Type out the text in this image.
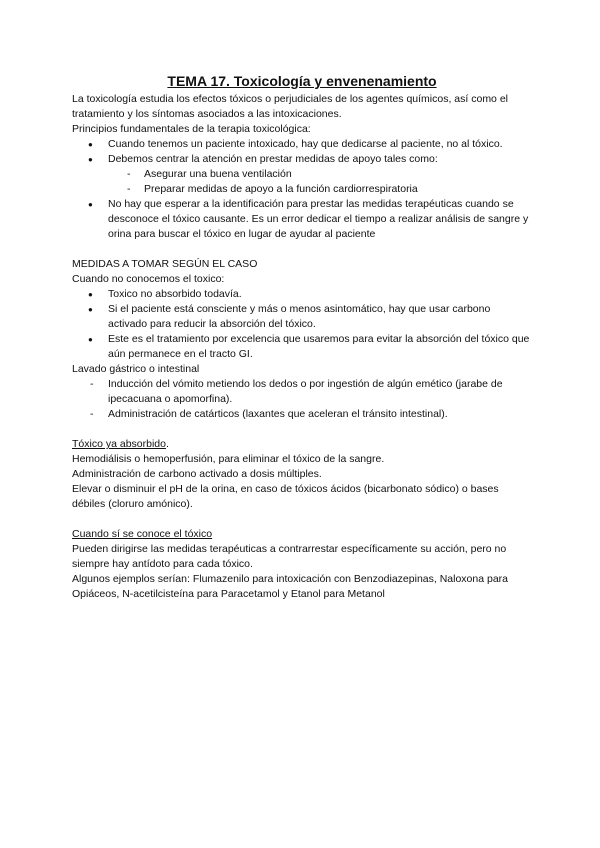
TEMA 17. Toxicología y envenenamiento

La toxicología estudia los efectos tóxicos o perjudiciales de los agentes químicos, así como el tratamiento y los síntomas asociados a las intoxicaciones.

Principios fundamentales de la terapia toxicológica:

● Cuando tenemos un paciente intoxicado, hay que dedicarse al paciente, no al tóxico.
● Debemos centrar la atención en prestar medidas de apoyo tales como:
- Asegurar una buena ventilación
- Preparar medidas de apoyo a la función cardiorrespiratoria
● No hay que esperar a la identificación para prestar las medidas terapéuticas cuando se desconoce el tóxico causante. Es un error dedicar el tiempo a realizar análisis de sangre y orina para buscar el tóxico en lugar de ayudar al paciente

MEDIDAS A TOMAR SEGÚN EL CASO

Cuando no conocemos el toxico:

● Toxico no absorbido todavía.
● Si el paciente está consciente y más o menos asintomático, hay que usar carbono activado para reducir la absorción del tóxico.
● Este es el tratamiento por excelencia que usaremos para evitar la absorción del tóxico que aún permanece en el tracto GI.

Lavado gástrico o intestinal

- Inducción del vómito metiendo los dedos o por ingestión de algún emético (jarabe de ipecacuana o apomorfina).
- Administración de catárticos (laxantes que aceleran el tránsito intestinal).

Tóxico ya absorbido.

Hemodiálisis o hemoperfusión, para eliminar el tóxico de la sangre.

Administración de carbono activado a dosis múltiples.

Elevar o disminuir el pH de la orina, en caso de tóxicos ácidos (bicarbonato sódico) o bases débiles (cloruro amónico).

Cuando sí se conoce el tóxico

Pueden dirigirse las medidas terapéuticas a contrarrestar específicamente su acción, pero no siempre hay antídoto para cada tóxico.

Algunos ejemplos serían: Flumazenilo para intoxicación con Benzodiazepinas, Naloxona para Opiáceos, N-acetilcisteína para Paracetamol y Etanol para Metanol
